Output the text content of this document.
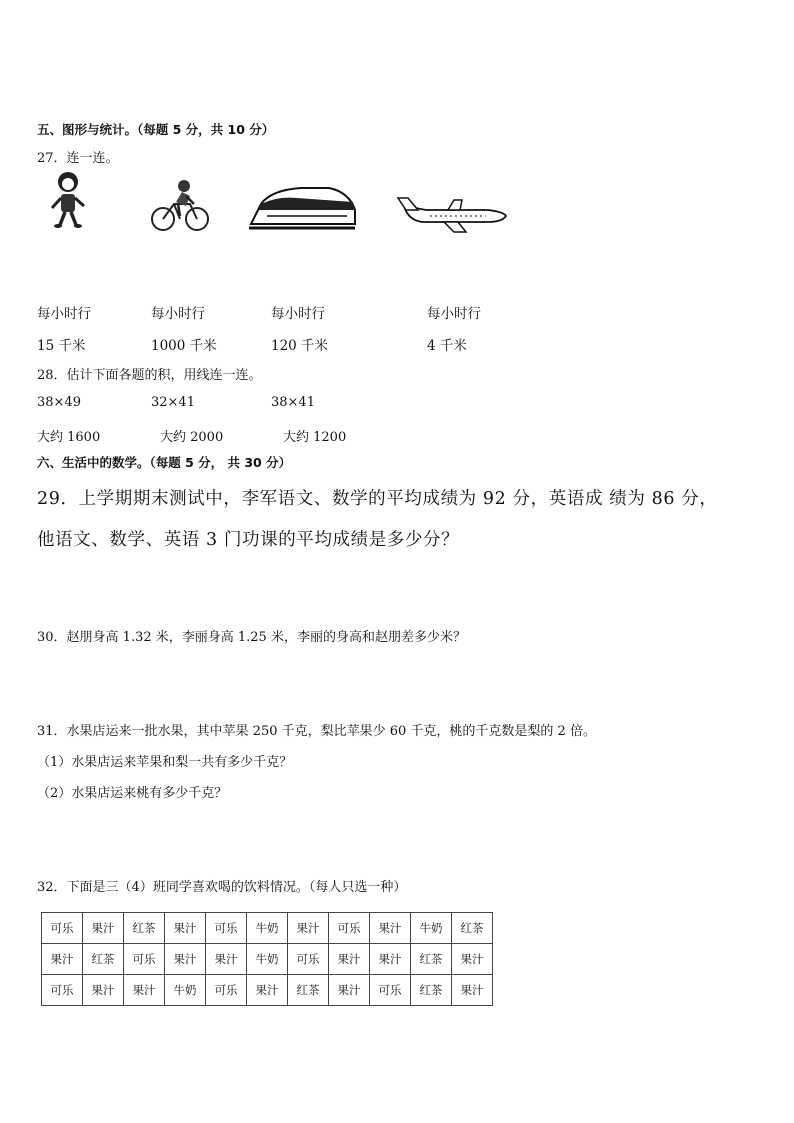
五、图形与统计。（每题 5 分，共 10 分）
27．连一连。
每小时行	每小时行	每小时行	每小时行
15 千米	1000 千米	120 千米	4 千米
28．估计下面各题的积，用线连一连。
38×49	32×41	38×41
大约 1600	大约 2000	大约 1200
六、生活中的数学。（每题 5 分， 共 30 分）
29．上学期期末测试中，李军语文、数学的平均成绩为 92 分，英语成 绩为 86 分，
他语文、数学、英语 3 门功课的平均成绩是多少分？
30．赵朋身高 1.32 米，李丽身高 1.25 米，李丽的身高和赵朋差多少米？
31．水果店运来一批水果，其中苹果 250 千克，梨比苹果少 60 千克，桃的千克数是梨的 2 倍。
（1）水果店运来苹果和梨一共有多少千克？
（2）水果店运来桃有多少千克？
32．下面是三（4）班同学喜欢喝的饮料情况。（每人只选一种）
可乐	果汁	红茶	果汁	可乐	牛奶	果汁	可乐	果汁	牛奶	红茶
果汁	红茶	可乐	果汁	果汁	牛奶	可乐	果汁	果汁	红茶	果汁
可乐	果汁	果汁	牛奶	可乐	果汁	红茶	果汁	可乐	红茶	果汁
